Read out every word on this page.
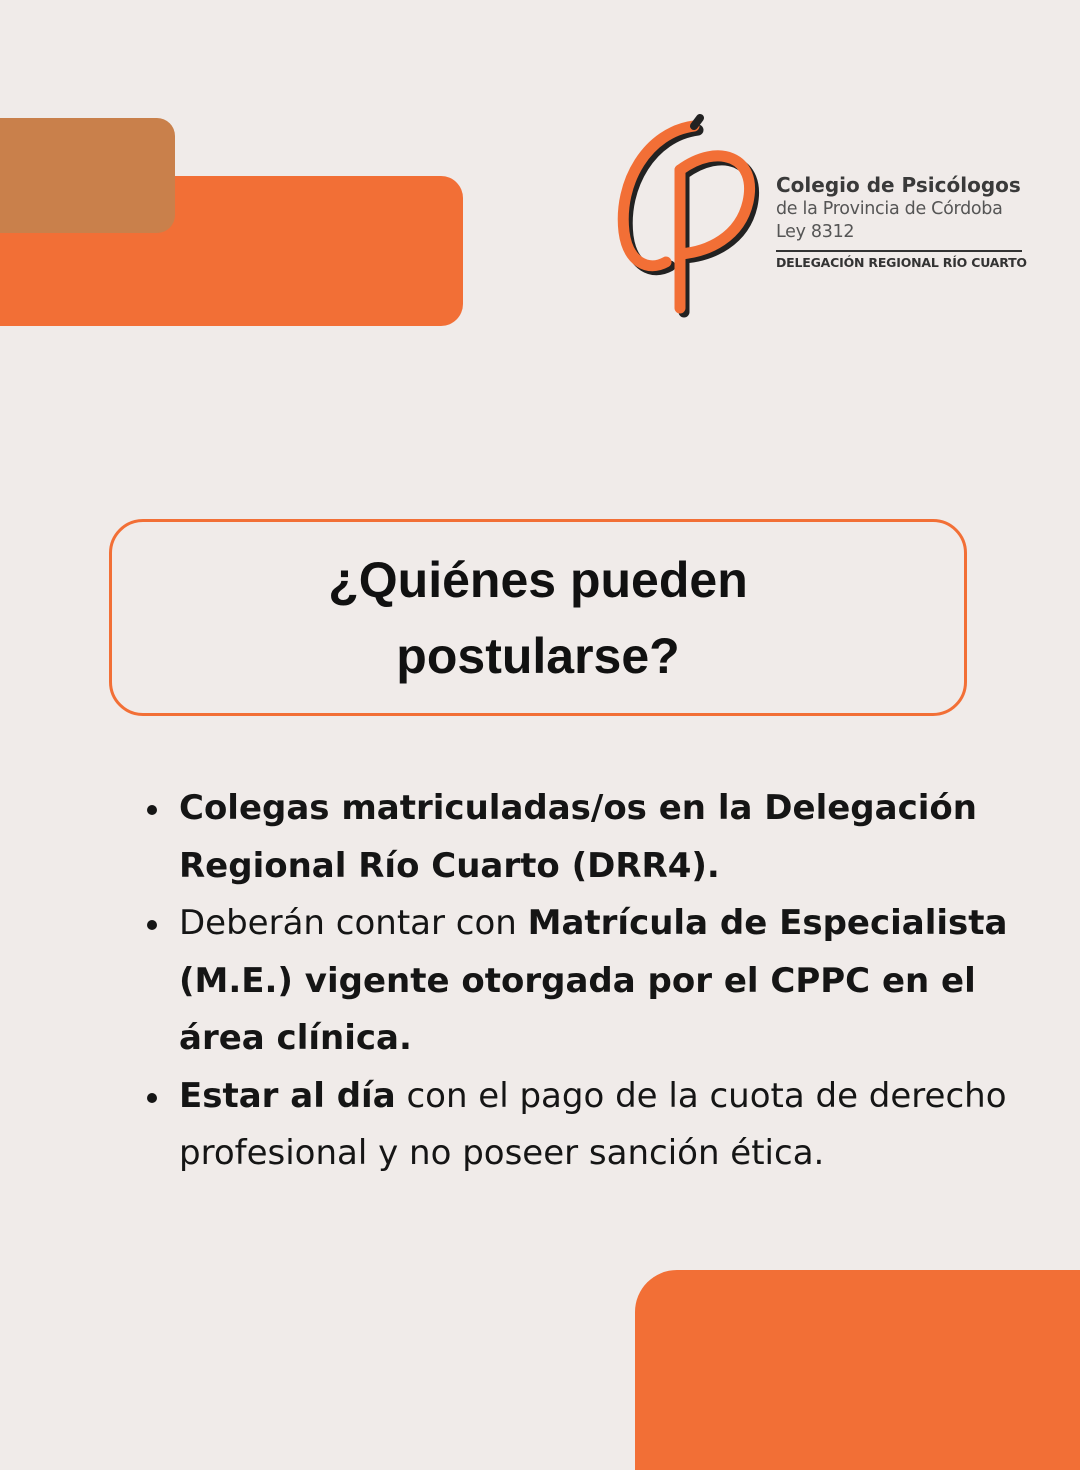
Colegio de Psicólogos
de la Provincia de Córdoba
Ley 8312
DELEGACIÓN REGIONAL RÍO CUARTO
¿Quiénes pueden postularse?
Colegas matriculadas/os en la Delegación Regional Río Cuarto (DRR4).
Deberán contar con Matrícula de Especialista (M.E.) vigente otorgada por el CPPC en el área clínica.
Estar al día con el pago de la cuota de derecho profesional y no poseer sanción ética.
